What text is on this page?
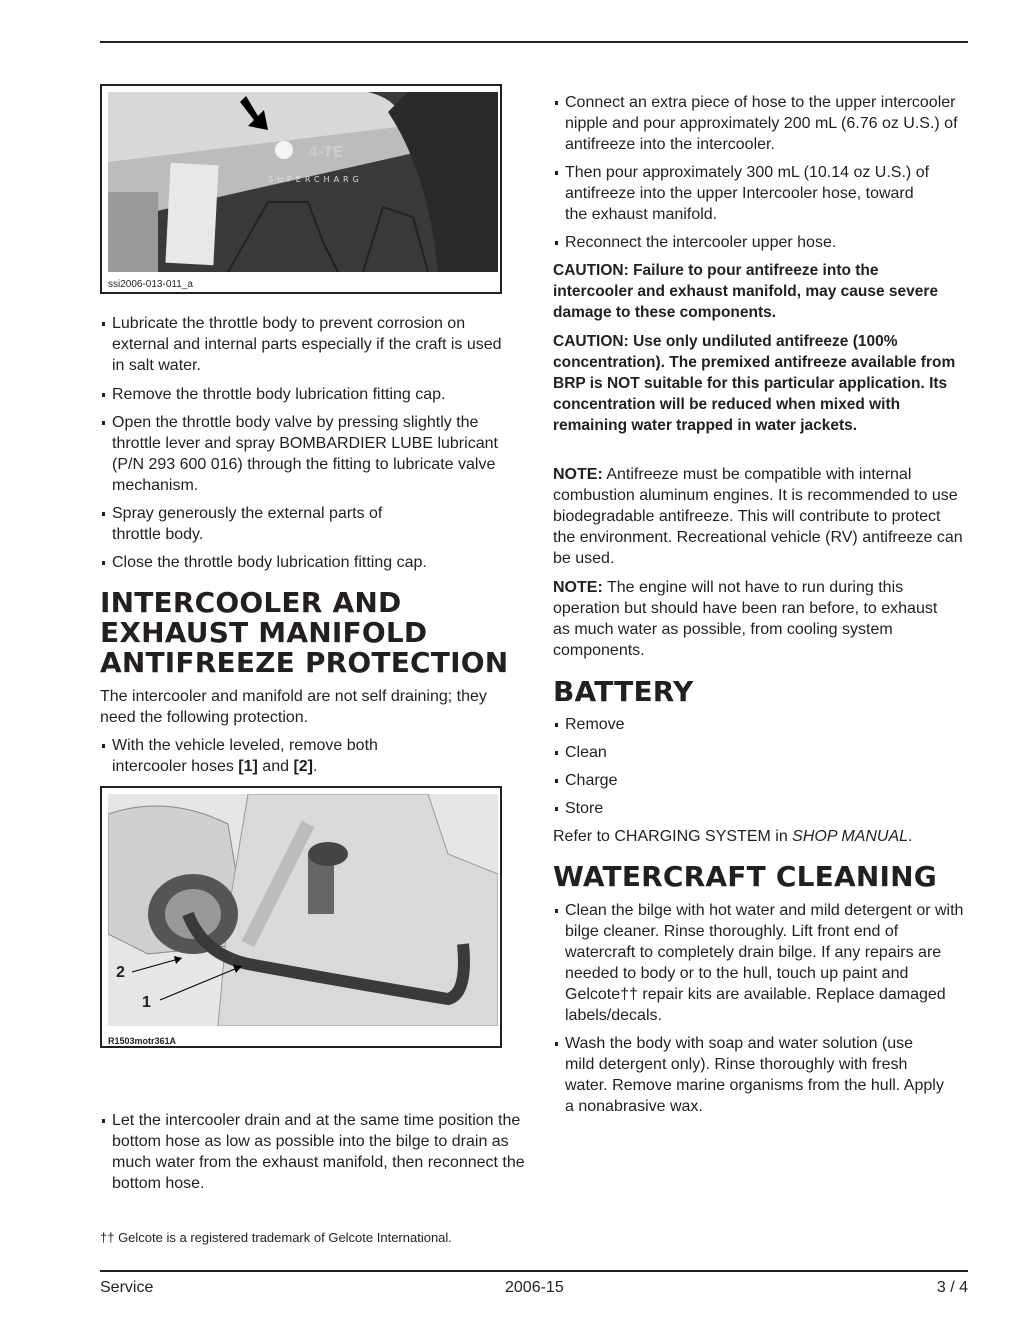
4-TE
SUPERCHARG
ssi2006-013-011_a
Lubricate the throttle body to prevent corrosion on external and internal parts especially if the craft is used in salt water.
Remove the throttle body lubrication fitting cap.
Open the throttle body valve by pressing slightly the throttle lever and spray BOMBARDIER LUBE lubricant (P/N 293 600 016) through the fitting to lubricate valve mechanism.
Spray generously the external parts of throttle body.
Close the throttle body lubrication fitting cap.
INTERCOOLER AND EXHAUST MANIFOLD ANTIFREEZE PROTECTION
The intercooler and manifold are not self draining; they need the following protection.
With the vehicle leveled, remove both intercooler hoses [1] and [2].
2
1
R1503motr361A
Let the intercooler drain and at the same time position the bottom hose as low as possible into the bilge to drain as much water from the exhaust manifold, then reconnect the bottom hose.
Connect an extra piece of hose to the upper intercooler nipple and pour approximately 200 mL (6.76 oz U.S.) of antifreeze into the intercooler.
Then pour approximately 300 mL (10.14 oz U.S.) of antifreeze into the upper Intercooler hose, toward the exhaust manifold.
Reconnect the intercooler upper hose.
CAUTION: Failure to pour antifreeze into the intercooler and exhaust manifold, may cause severe damage to these components.
CAUTION: Use only undiluted antifreeze (100% concentration). The premixed antifreeze available from BRP is NOT suitable for this particular application. Its concentration will be reduced when mixed with remaining water trapped in water jackets.
NOTE: Antifreeze must be compatible with internal combustion aluminum engines. It is recommended to use biodegradable antifreeze. This will contribute to protect the environment. Recreational vehicle (RV) antifreeze can be used.
NOTE: The engine will not have to run during this operation but should have been ran before, to exhaust as much water as possible, from cooling system components.
BATTERY
Remove
Clean
Charge
Store
Refer to CHARGING SYSTEM in SHOP MANUAL.
WATERCRAFT CLEANING
Clean the bilge with hot water and mild detergent or with bilge cleaner. Rinse thoroughly. Lift front end of watercraft to completely drain bilge. If any repairs are needed to body or to the hull, touch up paint and Gelcote†† repair kits are available. Replace damaged labels/decals.
Wash the body with soap and water solution (use mild detergent only). Rinse thoroughly with fresh water. Remove marine organisms from the hull. Apply a nonabrasive wax.
†† Gelcote is a registered trademark of Gelcote International.
Service	2006-15	3 / 4
